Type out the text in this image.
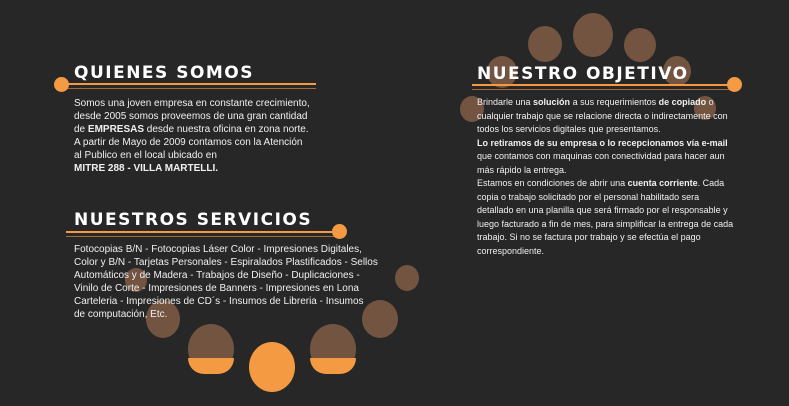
QUIENES SOMOS
Somos una joven empresa en constante crecimiento,
desde 2005 somos proveemos de una gran cantidad
de EMPRESAS desde nuestra oficina en zona norte.
A partir de Mayo de 2009 contamos con la Atención
al Publico en el local ubicado en
MITRE 288 - VILLA MARTELLI.
NUESTROS SERVICIOS
Fotocopias B/N - Fotocopias Láser Color - Impresiones Digitales,
Color y B/N - Tarjetas Personales - Espiralados Plastificados - Sellos
Automáticos y de Madera - Trabajos de Diseño - Duplicaciones -
Vinilo de Corte - Impresiones de Banners - Impresiones en Lona
Carteleria - Impresiones de CD´s - Insumos de Libreria - Insumos
de computación, Etc.
NUESTRO OBJETIVO
Brindarle una solución a sus requerimientos de copiado o
cualquier trabajo que se relacione directa o indirectamente con
todos los servicios digitales que presentamos.
Lo retiramos de su empresa o lo recepcionamos vía e-mail
que contamos con maquinas con conectividad para hacer aun
más rápido la entrega.
Estamos en condiciones de abrir una cuenta corriente. Cada
copia o trabajo solicitado por el personal habilitado sera
detallado en una planilla que será firmado por el responsable y
luego facturado a fin de mes, para simplificar la entrega de cada
trabajo. Si no se factura por trabajo y se efectúa el pago
correspondiente.
